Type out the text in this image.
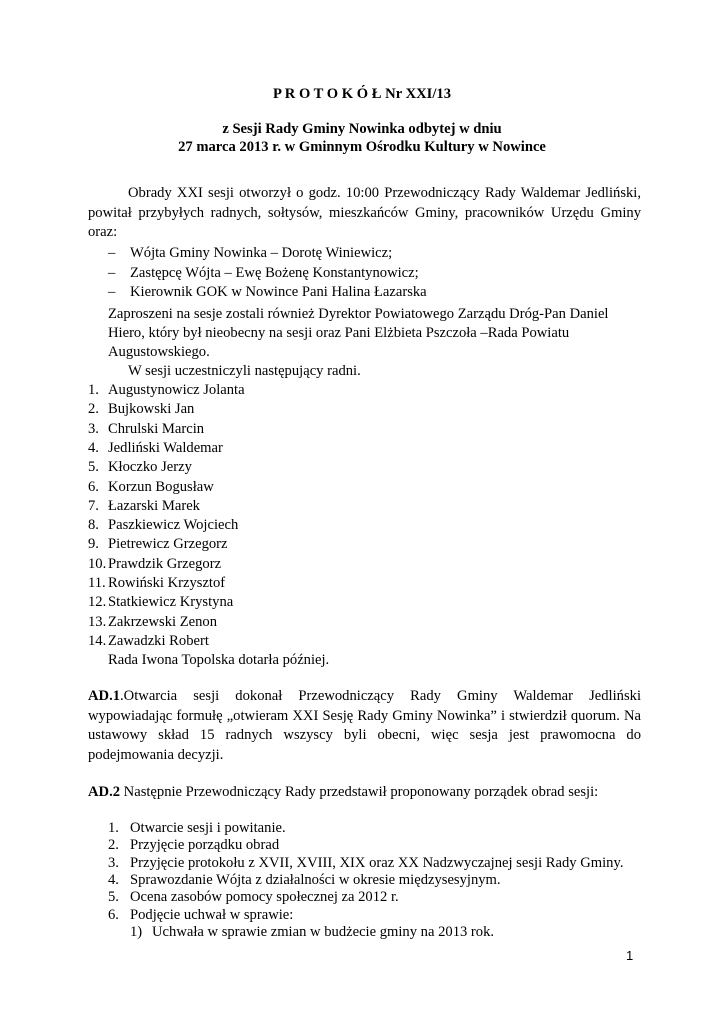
P R O T O K Ó Ł Nr XXI/13
z Sesji Rady Gminy Nowinka odbytej w dniu
27 marca 2013 r. w Gminnym Ośrodku Kultury w Nowince
Obrady XXI sesji otworzył o godz. 10:00 Przewodniczący Rady Waldemar Jedliński, powitał przybyłych radnych, sołtysów, mieszkańców Gminy, pracowników Urzędu Gminy oraz:
– Wójta Gminy Nowinka – Dorotę Winiewicz;
– Zastępcę Wójta – Ewę Bożenę Konstantynowicz;
– Kierownik GOK w Nowince Pani Halina Łazarska
Zaproszeni na sesje zostali również Dyrektor Powiatowego Zarządu Dróg-Pan Daniel
Hiero, który był nieobecny na sesji oraz Pani Elżbieta Pszczoła –Rada Powiatu
Augustowskiego.
W sesji uczestniczyli następujący radni.
1. Augustynowicz Jolanta
2. Bujkowski Jan
3. Chrulski Marcin
4. Jedliński Waldemar
5. Kłoczko Jerzy
6. Korzun Bogusław
7. Łazarski Marek
8. Paszkiewicz Wojciech
9. Pietrewicz Grzegorz
10. Prawdzik Grzegorz
11. Rowiński Krzysztof
12. Statkiewicz Krystyna
13. Zakrzewski Zenon
14. Zawadzki Robert
Rada Iwona Topolska dotarła później.
AD.1.Otwarcia sesji dokonał Przewodniczący Rady Gminy Waldemar Jedliński wypowiadając formułę „otwieram XXI Sesję Rady Gminy Nowinka” i stwierdził quorum. Na ustawowy skład 15 radnych wszyscy byli obecni, więc sesja jest prawomocna do podejmowania decyzji.
AD.2 Następnie Przewodniczący Rady przedstawił proponowany porządek obrad sesji:
1. Otwarcie sesji i powitanie.
2. Przyjęcie porządku obrad
3. Przyjęcie protokołu z XVII, XVIII, XIX oraz XX Nadzwyczajnej sesji Rady Gminy.
4. Sprawozdanie Wójta z działalności w okresie międzysesyjnym.
5. Ocena zasobów pomocy społecznej za 2012 r.
6. Podjęcie uchwał w sprawie:
1) Uchwała w sprawie zmian w budżecie gminy na 2013 rok.
1
